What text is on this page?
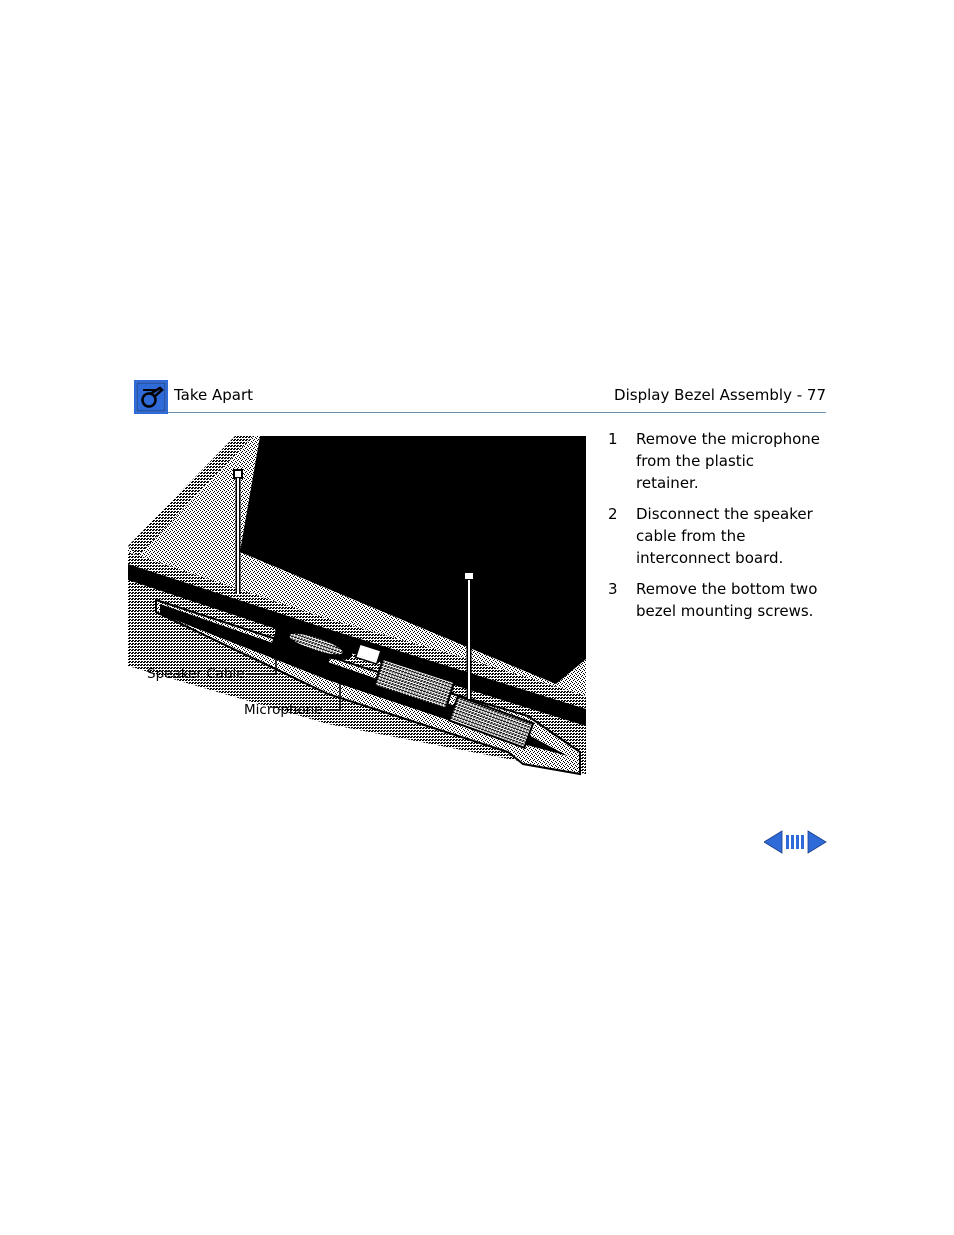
Take Apart	Display Bezel Assembly - 77
Speaker Cable
Microphone
1 Remove the microphone
from the plastic
retainer.
2 Disconnect the speaker
cable from the
interconnect board.
3 Remove the bottom two
bezel mounting screws.
